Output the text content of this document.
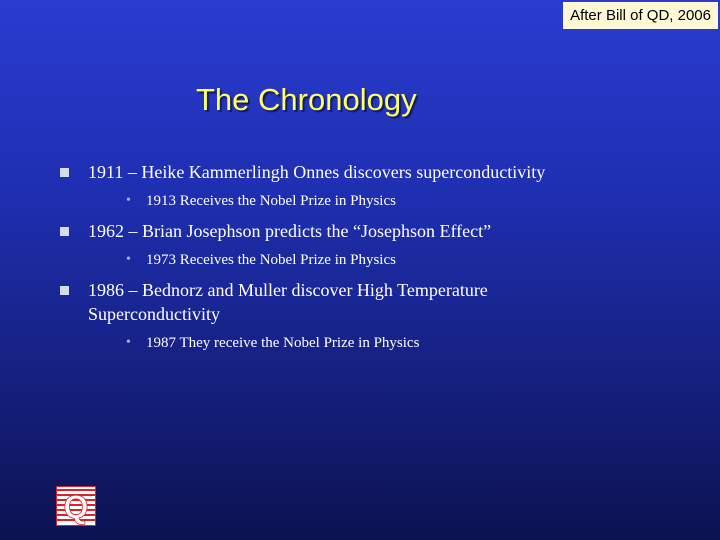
After Bill of QD, 2006
The Chronology
1911 – Heike Kammerlingh Onnes discovers superconductivity
• 1913 Receives the Nobel Prize in Physics
1962 – Brian Josephson predicts the “Josephson Effect”
• 1973 Receives the Nobel Prize in Physics
1986 – Bednorz and Muller discover High Temperature Superconductivity
• 1987 They receive the Nobel Prize in Physics
Q
